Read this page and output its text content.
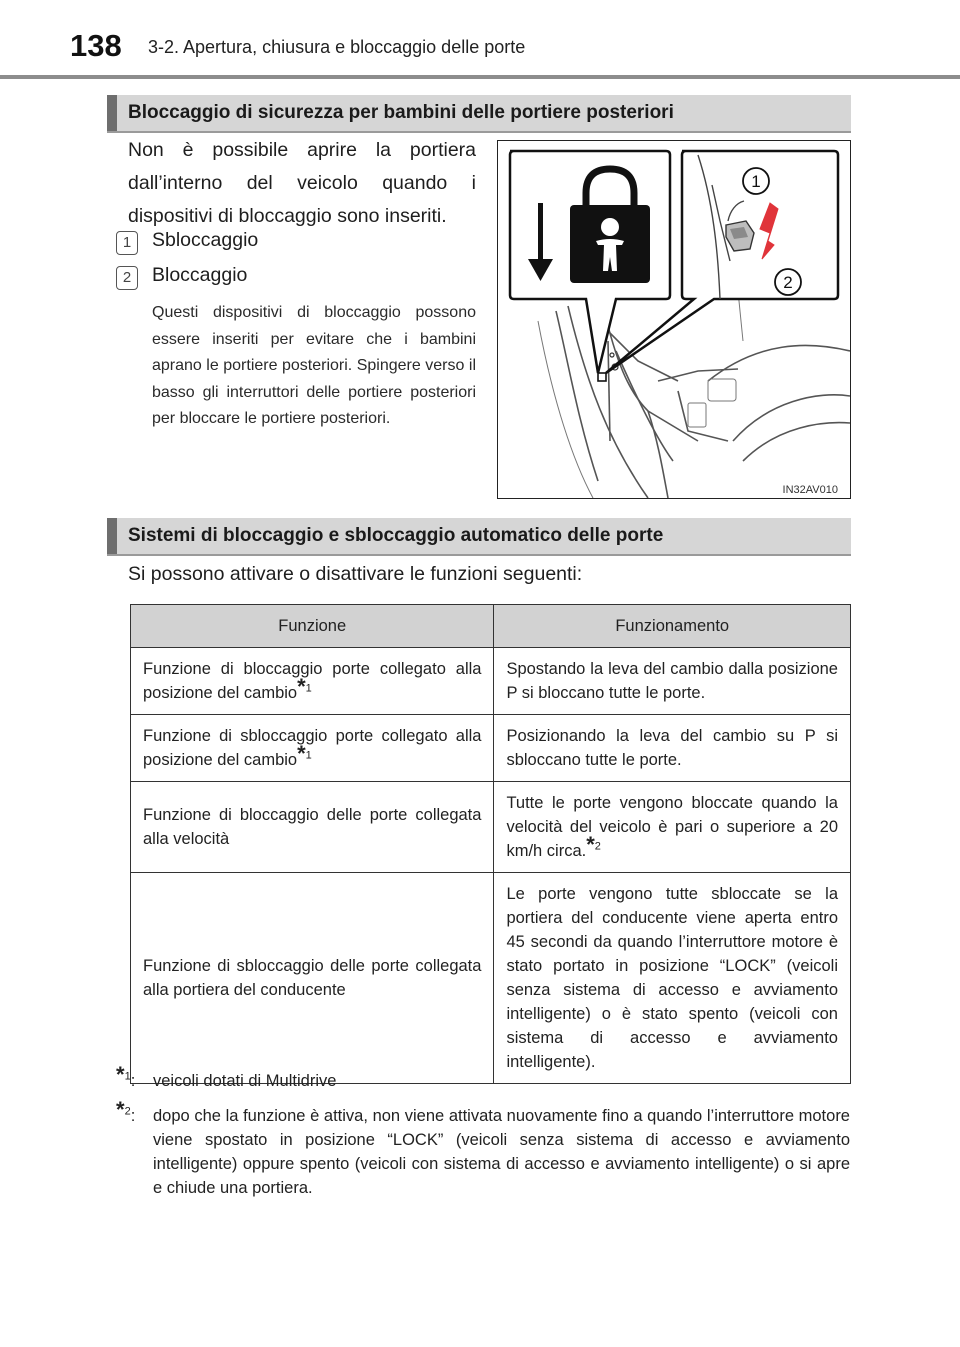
138 3-2. Apertura, chiusura e bloccaggio delle porte
Bloccaggio di sicurezza per bambini delle portiere posteriori
Non è possibile aprire la portiera dall’interno del veicolo quando i dispositivi di bloccaggio sono inseriti.
1	Sbloccaggio
2	Bloccaggio
Questi dispositivi di bloccaggio possono essere inseriti per evitare che i bambini aprano le portiere posteriori. Spingere verso il basso gli interruttori delle portiere posteriori per bloccare le portiere posteriori.
1
2
IN32AV010
Sistemi di bloccaggio e sbloccaggio automatico delle porte
Si possono attivare o disattivare le funzioni seguenti:
Funzione	Funzionamento
Funzione di bloccaggio porte collegato alla posizione del cambio*$^1$	Spostando la leva del cambio dalla posizione P si bloccano tutte le porte.
Funzione di sbloccaggio porte collegato alla posizione del cambio*$^1$	Posizionando la leva del cambio su P si sbloccano tutte le porte.
Funzione di bloccaggio delle porte collegata alla velocità	Tutte le porte vengono bloccate quando la velocità del veicolo è pari o superiore a 20 km/h circa.*$^2$
Funzione di sbloccaggio delle porte collegata alla portiera del conducente	Le porte vengono tutte sbloccate se la portiera del conducente viene aperta entro 45 secondi da quando l’interruttore motore è stato portato in posizione “LOCK” (veicoli senza sistema di accesso e avviamento intelligente) o è stato spento (veicoli con sistema di accesso e avviamento intelligente).
*$^1$: veicoli dotati di Multidrive
*$^2$: dopo che la funzione è attiva, non viene attivata nuovamente fino a quando l’interruttore motore viene spostato in posizione “LOCK” (veicoli senza sistema di accesso e avviamento intelligente) oppure spento (veicoli con sistema di accesso e avviamento intelligente) o si apre e chiude una portiera.
